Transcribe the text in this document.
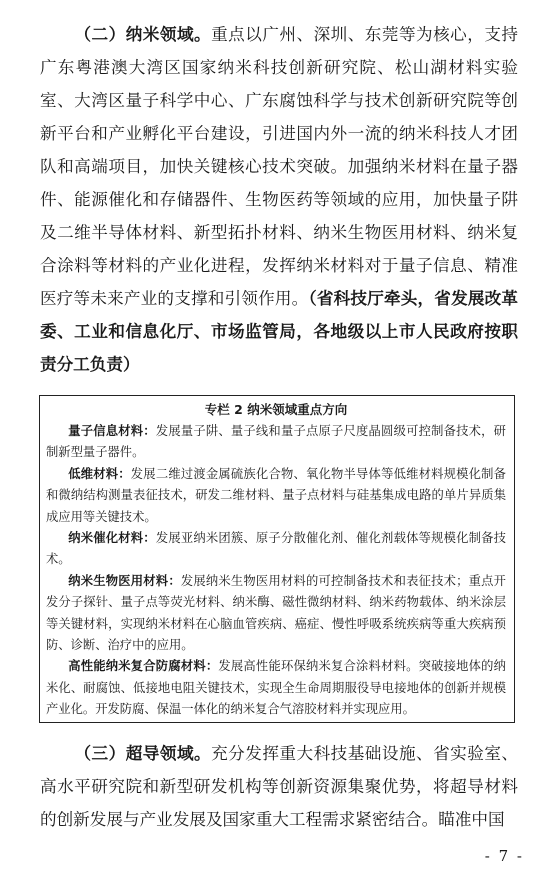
（二）纳米领域。重点以广州、深圳、东莞等为核心，支持广东粤港澳大湾区国家纳米科技创新研究院、松山湖材料实验室、大湾区量子科学中心、广东腐蚀科学与技术创新研究院等创新平台和产业孵化平台建设，引进国内外一流的纳米科技人才团队和高端项目，加快关键核心技术突破。加强纳米材料在量子器件、能源催化和存储器件、生物医药等领域的应用，加快量子阱及二维半导体材料、新型拓扑材料、纳米生物医用材料、纳米复合涂料等材料的产业化进程，发挥纳米材料对于量子信息、精准医疗等未来产业的支撑和引领作用。（省科技厅牵头，省发展改革委、工业和信息化厅、市场监管局，各地级以上市人民政府按职责分工负责）

专栏 2 纳米领域重点方向

量子信息材料：发展量子阱、量子线和量子点原子尺度晶圆级可控制备技术，研制新型量子器件。

低维材料：发展二维过渡金属硫族化合物、氧化物半导体等低维材料规模化制备和微纳结构测量表征技术，研发二维材料、量子点材料与硅基集成电路的单片异质集成应用等关键技术。

纳米催化材料：发展亚纳米团簇、原子分散催化剂、催化剂载体等规模化制备技术。

纳米生物医用材料：发展纳米生物医用材料的可控制备技术和表征技术；重点开发分子探针、量子点等荧光材料、纳米酶、磁性微纳材料、纳米药物载体、纳米涂层等关键材料，实现纳米材料在心脑血管疾病、癌症、慢性呼吸系统疾病等重大疾病预防、诊断、治疗中的应用。

高性能纳米复合防腐材料：发展高性能环保纳米复合涂料材料。突破接地体的纳米化、耐腐蚀、低接地电阻关键技术，实现全生命周期服役导电接地体的创新并规模产业化。开发防腐、保温一体化的纳米复合气溶胶材料并实现应用。

（三）超导领域。充分发挥重大科技基础设施、省实验室、高水平研究院和新型研发机构等创新资源集聚优势，将超导材料的创新发展与产业发展及国家重大工程需求紧密结合。瞄准中国

- 7 -
